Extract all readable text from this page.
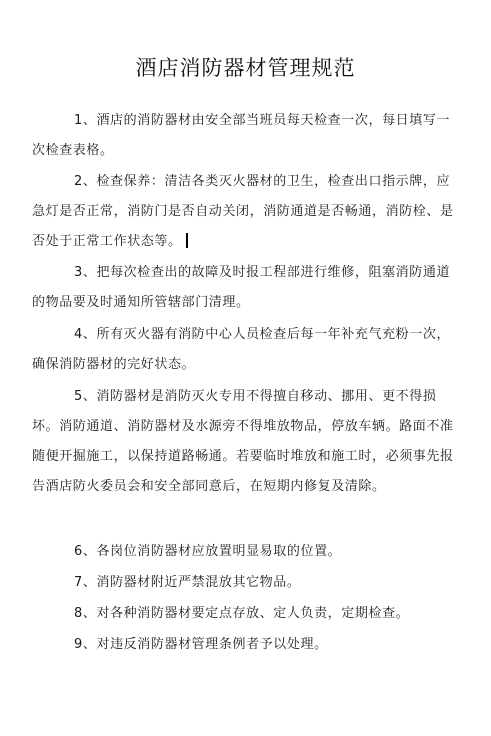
酒店消防器材管理规范

1、酒店的消防器材由安全部当班员每天检查一次，每日填写一次检查表格。

2、检查保养：清洁各类灭火器材的卫生，检查出口指示牌，应急灯是否正常，消防门是否自动关闭，消防通道是否畅通，消防栓、是否处于正常工作状态等。

3、把每次检查出的故障及时报工程部进行维修，阻塞消防通道的物品要及时通知所管辖部门清理。

4、所有灭火器有消防中心人员检查后每一年补充气充粉一次，确保消防器材的完好状态。

5、消防器材是消防灭火专用不得擅自移动、挪用、更不得损坏。消防通道、消防器材及水源旁不得堆放物品，停放车辆。路面不准随便开掘施工，以保持道路畅通。若要临时堆放和施工时，必须事先报告酒店防火委员会和安全部同意后，在短期内修复及清除。

6、各岗位消防器材应放置明显易取的位置。

7、消防器材附近严禁混放其它物品。

8、对各种消防器材要定点存放、定人负责，定期检查。

9、对违反消防器材管理条例者予以处理。
